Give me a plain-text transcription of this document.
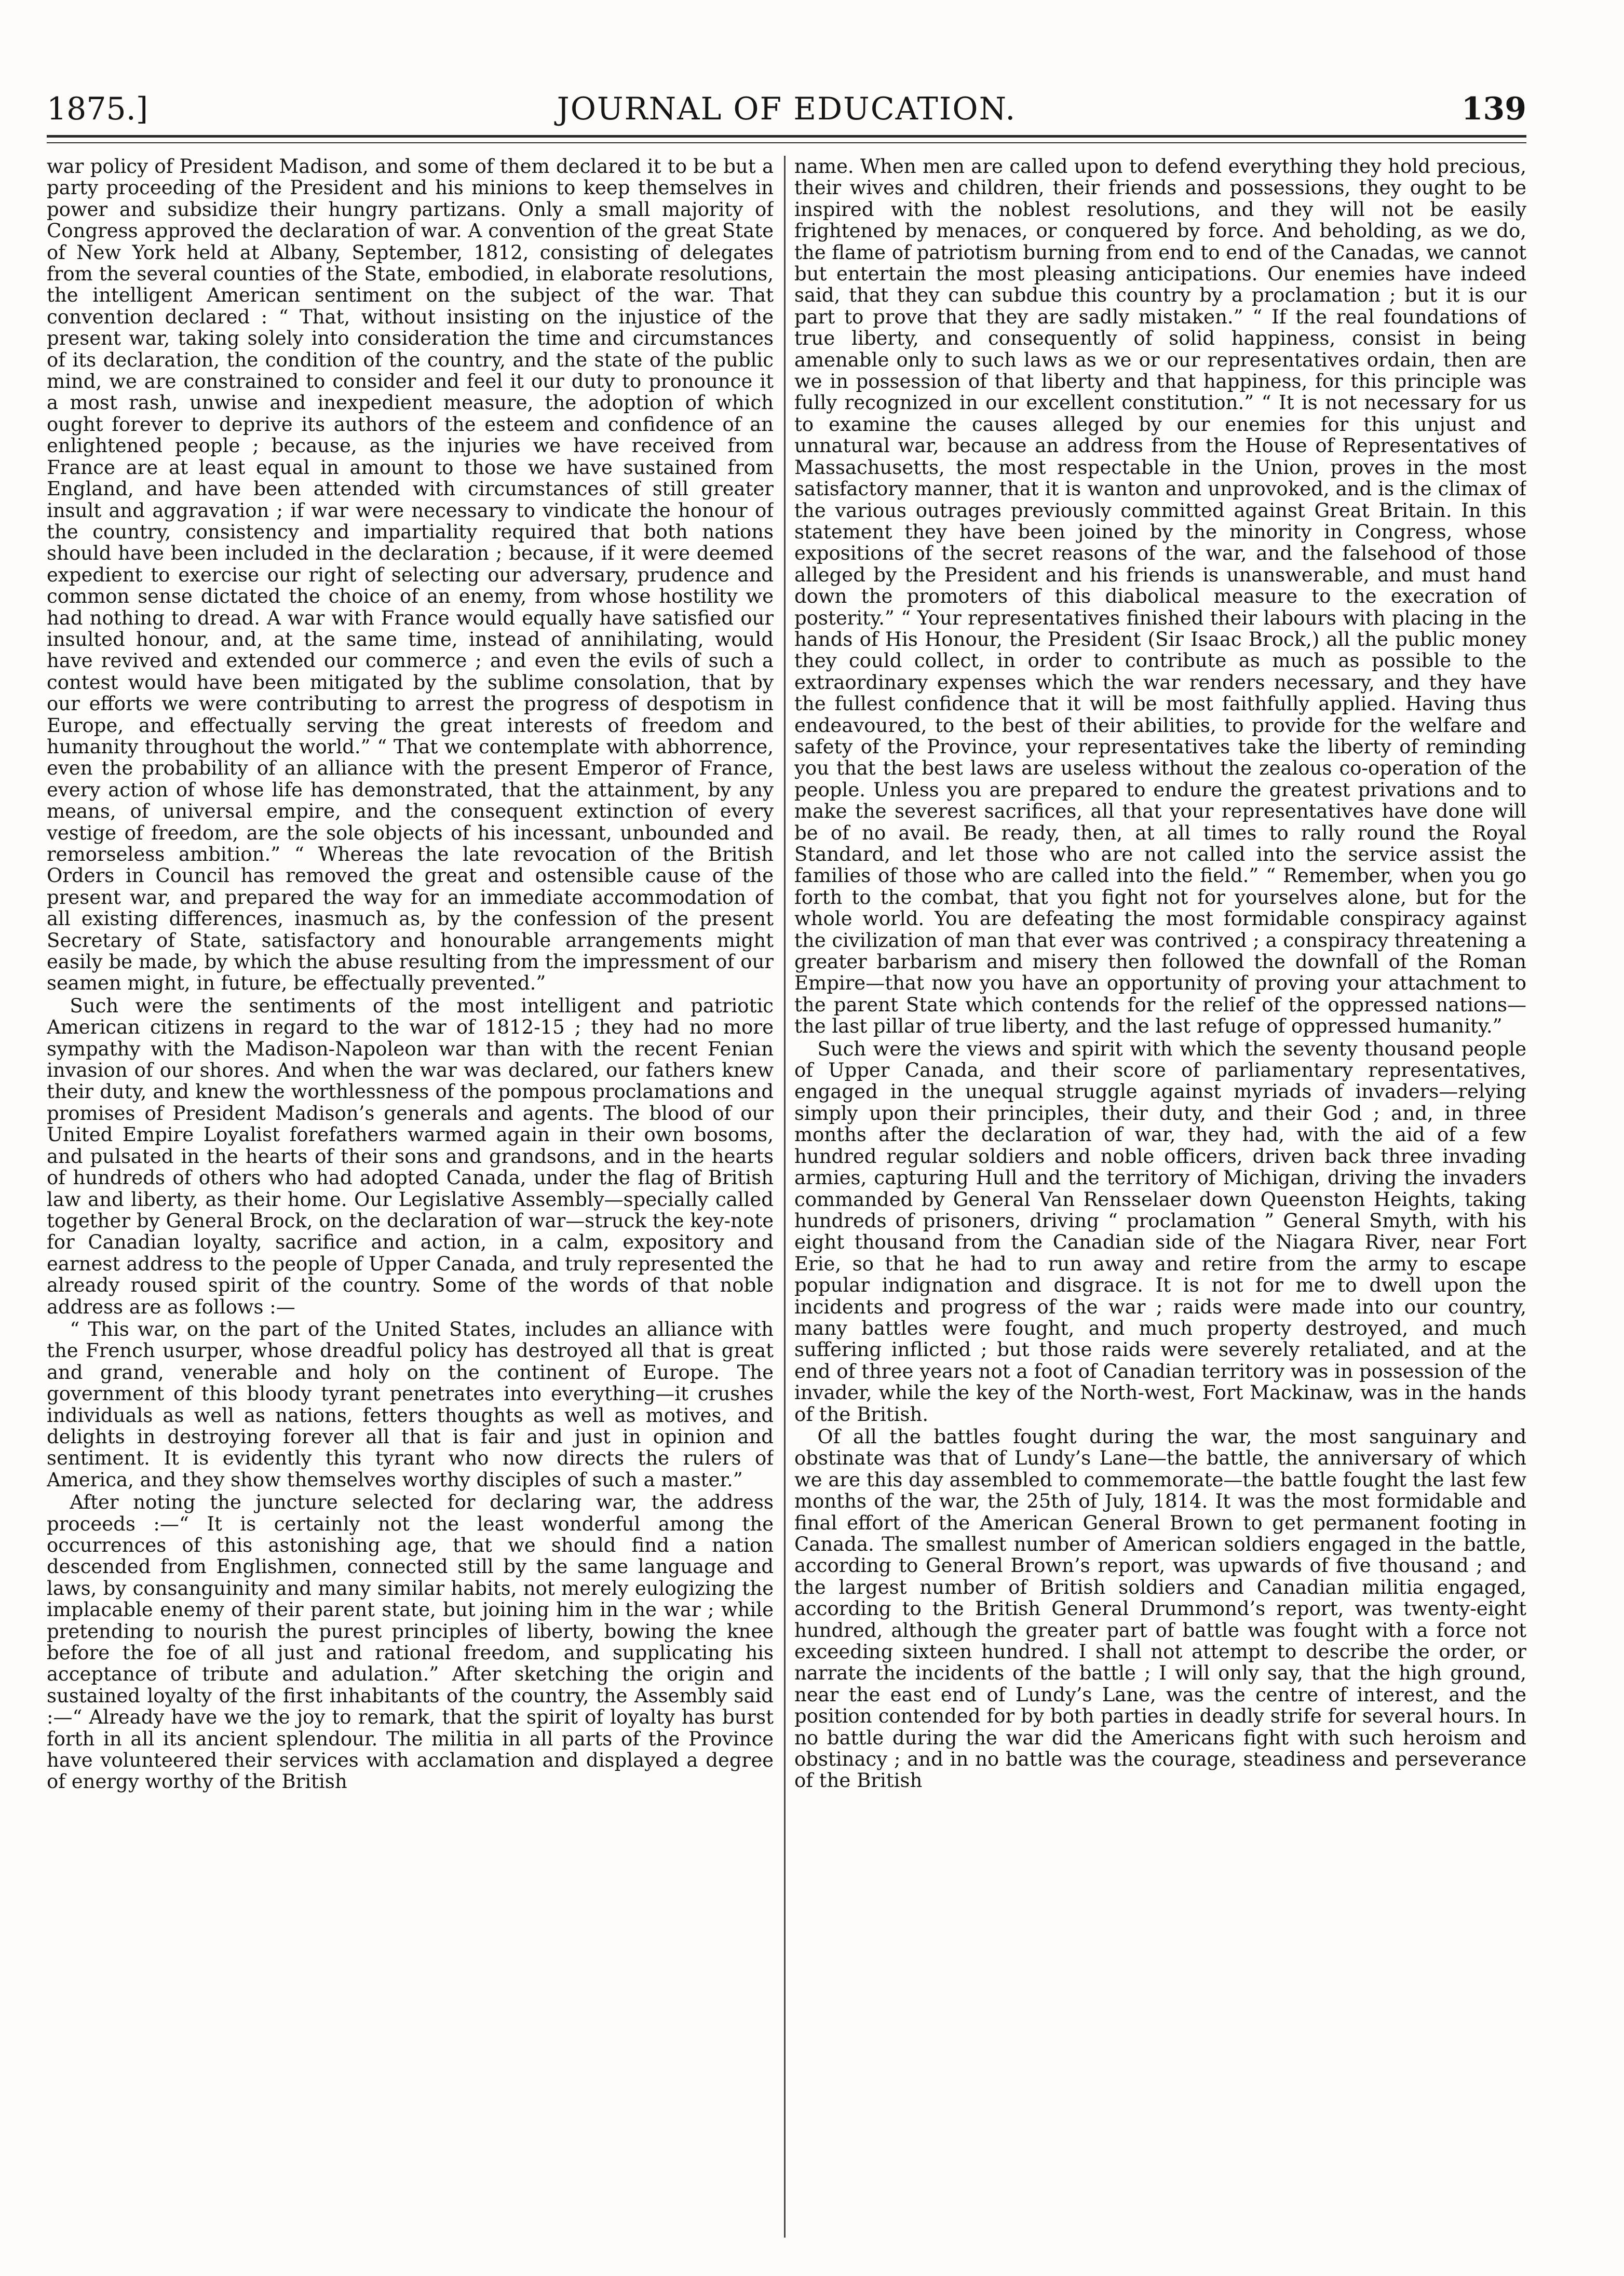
1875.]	JOURNAL OF EDUCATION.	139

war policy of President Madison, and some of them declared it to be but a party proceeding of the President and his minions to keep themselves in power and subsidize their hungry partizans. Only a small majority of Congress approved the declaration of war. A convention of the great State of New York held at Albany, September, 1812, consisting of delegates from the several counties of the State, embodied, in elaborate resolutions, the intelligent American sentiment on the subject of the war. That convention declared : “ That, without insisting on the injustice of the present war, taking solely into consideration the time and circumstances of its declaration, the condition of the country, and the state of the public mind, we are constrained to consider and feel it our duty to pronounce it a most rash, unwise and inexpedient measure, the adoption of which ought forever to deprive its authors of the esteem and confidence of an enlightened people ; because, as the injuries we have received from France are at least equal in amount to those we have sustained from England, and have been attended with circumstances of still greater insult and aggravation ; if war were necessary to vindicate the honour of the country, consistency and impartiality required that both nations should have been included in the declaration ; because, if it were deemed expedient to exercise our right of selecting our adversary, prudence and common sense dictated the choice of an enemy, from whose hostility we had nothing to dread. A war with France would equally have satisfied our insulted honour, and, at the same time, instead of annihilating, would have revived and extended our commerce ; and even the evils of such a contest would have been mitigated by the sublime consolation, that by our efforts we were contributing to arrest the progress of despotism in Europe, and effectually serving the great interests of freedom and humanity throughout the world.” “ That we contemplate with abhorrence, even the probability of an alliance with the present Emperor of France, every action of whose life has demonstrated, that the attainment, by any means, of universal empire, and the consequent extinction of every vestige of freedom, are the sole objects of his incessant, unbounded and remorseless ambition.” “ Whereas the late revocation of the British Orders in Council has removed the great and ostensible cause of the present war, and prepared the way for an immediate accommodation of all existing differences, inasmuch as, by the confession of the present Secretary of State, satisfactory and honourable arrangements might easily be made, by which the abuse resulting from the impressment of our seamen might, in future, be effectually prevented.”

Such were the sentiments of the most intelligent and patriotic American citizens in regard to the war of 1812-15 ; they had no more sympathy with the Madison-Napoleon war than with the recent Fenian invasion of our shores. And when the war was declared, our fathers knew their duty, and knew the worthlessness of the pompous proclamations and promises of President Madison’s generals and agents. The blood of our United Empire Loyalist forefathers warmed again in their own bosoms, and pulsated in the hearts of their sons and grandsons, and in the hearts of hundreds of others who had adopted Canada, under the flag of British law and liberty, as their home. Our Legislative Assembly—specially called together by General Brock, on the declaration of war—struck the key-note for Canadian loyalty, sacrifice and action, in a calm, expository and earnest address to the people of Upper Canada, and truly represented the already roused spirit of the country. Some of the words of that noble address are as follows :—

“ This war, on the part of the United States, includes an alliance with the French usurper, whose dreadful policy has destroyed all that is great and grand, venerable and holy on the continent of Europe. The government of this bloody tyrant penetrates into everything—it crushes individuals as well as nations, fetters thoughts as well as motives, and delights in destroying forever all that is fair and just in opinion and sentiment. It is evidently this tyrant who now directs the rulers of America, and they show themselves worthy disciples of such a master.”

After noting the juncture selected for declaring war, the address proceeds :—“ It is certainly not the least wonderful among the occurrences of this astonishing age, that we should find a nation descended from Englishmen, connected still by the same language and laws, by consanguinity and many similar habits, not merely eulogizing the implacable enemy of their parent state, but joining him in the war ; while pretending to nourish the purest principles of liberty, bowing the knee before the foe of all just and rational freedom, and supplicating his acceptance of tribute and adulation.” After sketching the origin and sustained loyalty of the first inhabitants of the country, the Assembly said :—“ Already have we the joy to remark, that the spirit of loyalty has burst forth in all its ancient splendour. The militia in all parts of the Province have volunteered their services with acclamation and displayed a degree of energy worthy of the British

name. When men are called upon to defend everything they hold precious, their wives and children, their friends and possessions, they ought to be inspired with the noblest resolutions, and they will not be easily frightened by menaces, or conquered by force. And beholding, as we do, the flame of patriotism burning from end to end of the Canadas, we cannot but entertain the most pleasing anticipations. Our enemies have indeed said, that they can subdue this country by a proclamation ; but it is our part to prove that they are sadly mistaken.” “ If the real foundations of true liberty, and consequently of solid happiness, consist in being amenable only to such laws as we or our representatives ordain, then are we in possession of that liberty and that happiness, for this principle was fully recognized in our excellent constitution.” “ It is not necessary for us to examine the causes alleged by our enemies for this unjust and unnatural war, because an address from the House of Representatives of Massachusetts, the most respectable in the Union, proves in the most satisfactory manner, that it is wanton and unprovoked, and is the climax of the various outrages previously committed against Great Britain. In this statement they have been joined by the minority in Congress, whose expositions of the secret reasons of the war, and the falsehood of those alleged by the President and his friends is unanswerable, and must hand down the promoters of this diabolical measure to the execration of posterity.” “ Your representatives finished their labours with placing in the hands of His Honour, the President (Sir Isaac Brock,) all the public money they could collect, in order to contribute as much as possible to the extraordinary expenses which the war renders necessary, and they have the fullest confidence that it will be most faithfully applied. Having thus endeavoured, to the best of their abilities, to provide for the welfare and safety of the Province, your representatives take the liberty of reminding you that the best laws are useless without the zealous co-operation of the people. Unless you are prepared to endure the greatest privations and to make the severest sacrifices, all that your representatives have done will be of no avail. Be ready, then, at all times to rally round the Royal Standard, and let those who are not called into the service assist the families of those who are called into the field.” “ Remember, when you go forth to the combat, that you fight not for yourselves alone, but for the whole world. You are defeating the most formidable conspiracy against the civilization of man that ever was contrived ; a conspiracy threatening a greater barbarism and misery then followed the downfall of the Roman Empire—that now you have an opportunity of proving your attachment to the parent State which contends for the relief of the oppressed nations—the last pillar of true liberty, and the last refuge of oppressed humanity.”

Such were the views and spirit with which the seventy thousand people of Upper Canada, and their score of parliamentary representatives, engaged in the unequal struggle against myriads of invaders—relying simply upon their principles, their duty, and their God ; and, in three months after the declaration of war, they had, with the aid of a few hundred regular soldiers and noble officers, driven back three invading armies, capturing Hull and the territory of Michigan, driving the invaders commanded by General Van Rensselaer down Queenston Heights, taking hundreds of prisoners, driving “ proclamation ” General Smyth, with his eight thousand from the Canadian side of the Niagara River, near Fort Erie, so that he had to run away and retire from the army to escape popular indignation and disgrace. It is not for me to dwell upon the incidents and progress of the war ; raids were made into our country, many battles were fought, and much property destroyed, and much suffering inflicted ; but those raids were severely retaliated, and at the end of three years not a foot of Canadian territory was in possession of the invader, while the key of the North-west, Fort Mackinaw, was in the hands of the British.

Of all the battles fought during the war, the most sanguinary and obstinate was that of Lundy’s Lane—the battle, the anniversary of which we are this day assembled to commemorate—the battle fought the last few months of the war, the 25th of July, 1814. It was the most formidable and final effort of the American General Brown to get permanent footing in Canada. The smallest number of American soldiers engaged in the battle, according to General Brown’s report, was upwards of five thousand ; and the largest number of British soldiers and Canadian militia engaged, according to the British General Drummond’s report, was twenty-eight hundred, although the greater part of battle was fought with a force not exceeding sixteen hundred. I shall not attempt to describe the order, or narrate the incidents of the battle ; I will only say, that the high ground, near the east end of Lundy’s Lane, was the centre of interest, and the position contended for by both parties in deadly strife for several hours. In no battle during the war did the Americans fight with such heroism and obstinacy ; and in no battle was the courage, steadiness and perseverance of the British
